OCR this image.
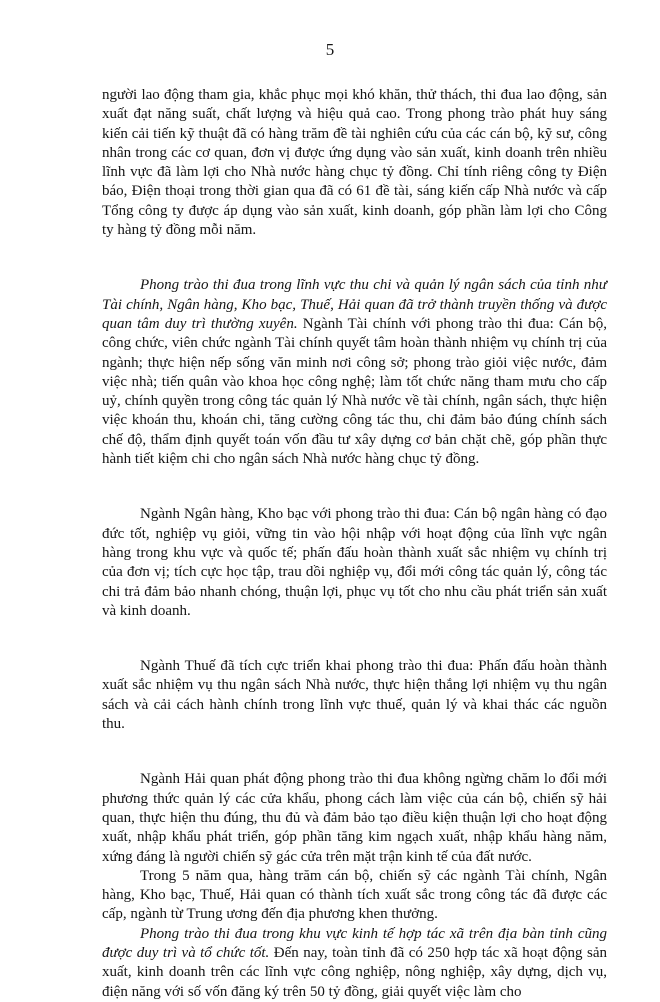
5

người lao động tham gia, khắc phục mọi khó khăn, thử thách, thi đua lao động, sản xuất đạt năng suất, chất lượng và hiệu quả cao. Trong phong trào phát huy sáng kiến cải tiến kỹ thuật đã có hàng trăm đề tài nghiên cứu của các cán bộ, kỹ sư, công nhân trong các cơ quan, đơn vị được ứng dụng vào sản xuất, kinh doanh trên nhiều lĩnh vực đã làm lợi cho Nhà nước hàng chục tỷ đồng. Chỉ tính riêng công ty Điện báo, Điện thoại trong thời gian qua đã có 61 đề tài, sáng kiến cấp Nhà nước và cấp Tổng công ty được áp dụng vào sản xuất, kinh doanh, góp phần làm lợi cho Công ty hàng tỷ đồng mỗi năm.

Phong trào thi đua trong lĩnh vực thu chi và quản lý ngân sách của tỉnh như Tài chính, Ngân hàng, Kho bạc, Thuế, Hải quan đã trở thành truyền thống và được quan tâm duy trì thường xuyên. Ngành Tài chính với phong trào thi đua: Cán bộ, công chức, viên chức ngành Tài chính quyết tâm hoàn thành nhiệm vụ chính trị của ngành; thực hiện nếp sống văn minh nơi công sở; phong trào giỏi việc nước, đảm việc nhà; tiến quân vào khoa học công nghệ; làm tốt chức năng tham mưu cho cấp uỷ, chính quyền trong công tác quản lý Nhà nước về tài chính, ngân sách, thực hiện việc khoán thu, khoán chi, tăng cường công tác thu, chi đảm bảo đúng chính sách chế độ, thẩm định quyết toán vốn đầu tư xây dựng cơ bản chặt chẽ, góp phần thực hành tiết kiệm chi cho ngân sách Nhà nước hàng chục tỷ đồng.

Ngành Ngân hàng, Kho bạc với phong trào thi đua: Cán bộ ngân hàng có đạo đức tốt, nghiệp vụ giỏi, vững tin vào hội nhập với hoạt động của lĩnh vực ngân hàng trong khu vực và quốc tế; phấn đấu hoàn thành xuất sắc nhiệm vụ chính trị của đơn vị; tích cực học tập, trau dồi nghiệp vụ, đổi mới công tác quản lý, công tác chi trả đảm bảo nhanh chóng, thuận lợi, phục vụ tốt cho nhu cầu phát triển sản xuất và kinh doanh.

Ngành Thuế đã tích cực triển khai phong trào thi đua: Phấn đấu hoàn thành xuất sắc nhiệm vụ thu ngân sách Nhà nước, thực hiện thắng lợi nhiệm vụ thu ngân sách và cải cách hành chính trong lĩnh vực thuế, quản lý và khai thác các nguồn thu.

Ngành Hải quan phát động phong trào thi đua không ngừng chăm lo đổi mới phương thức quản lý các cửa khẩu, phong cách làm việc của cán bộ, chiến sỹ hải quan, thực hiện thu đúng, thu đủ và đảm bảo tạo điều kiện thuận lợi cho hoạt động xuất, nhập khẩu phát triển, góp phần tăng kim ngạch xuất, nhập khẩu hàng năm, xứng đáng là người chiến sỹ gác cửa trên mặt trận kinh tế của đất nước.

Trong 5 năm qua, hàng trăm cán bộ, chiến sỹ các ngành Tài chính, Ngân hàng, Kho bạc, Thuế, Hải quan có thành tích xuất sắc trong công tác đã được các cấp, ngành từ Trung ương đến địa phương khen thưởng.

Phong trào thi đua trong khu vực kinh tế hợp tác xã trên địa bàn tỉnh cũng được duy trì và tổ chức tốt. Đến nay, toàn tỉnh đã có 250 hợp tác xã hoạt động sản xuất, kinh doanh trên các lĩnh vực công nghiệp, nông nghiệp, xây dựng, dịch vụ, điện năng với số vốn đăng ký trên 50 tỷ đồng, giải quyết việc làm cho
